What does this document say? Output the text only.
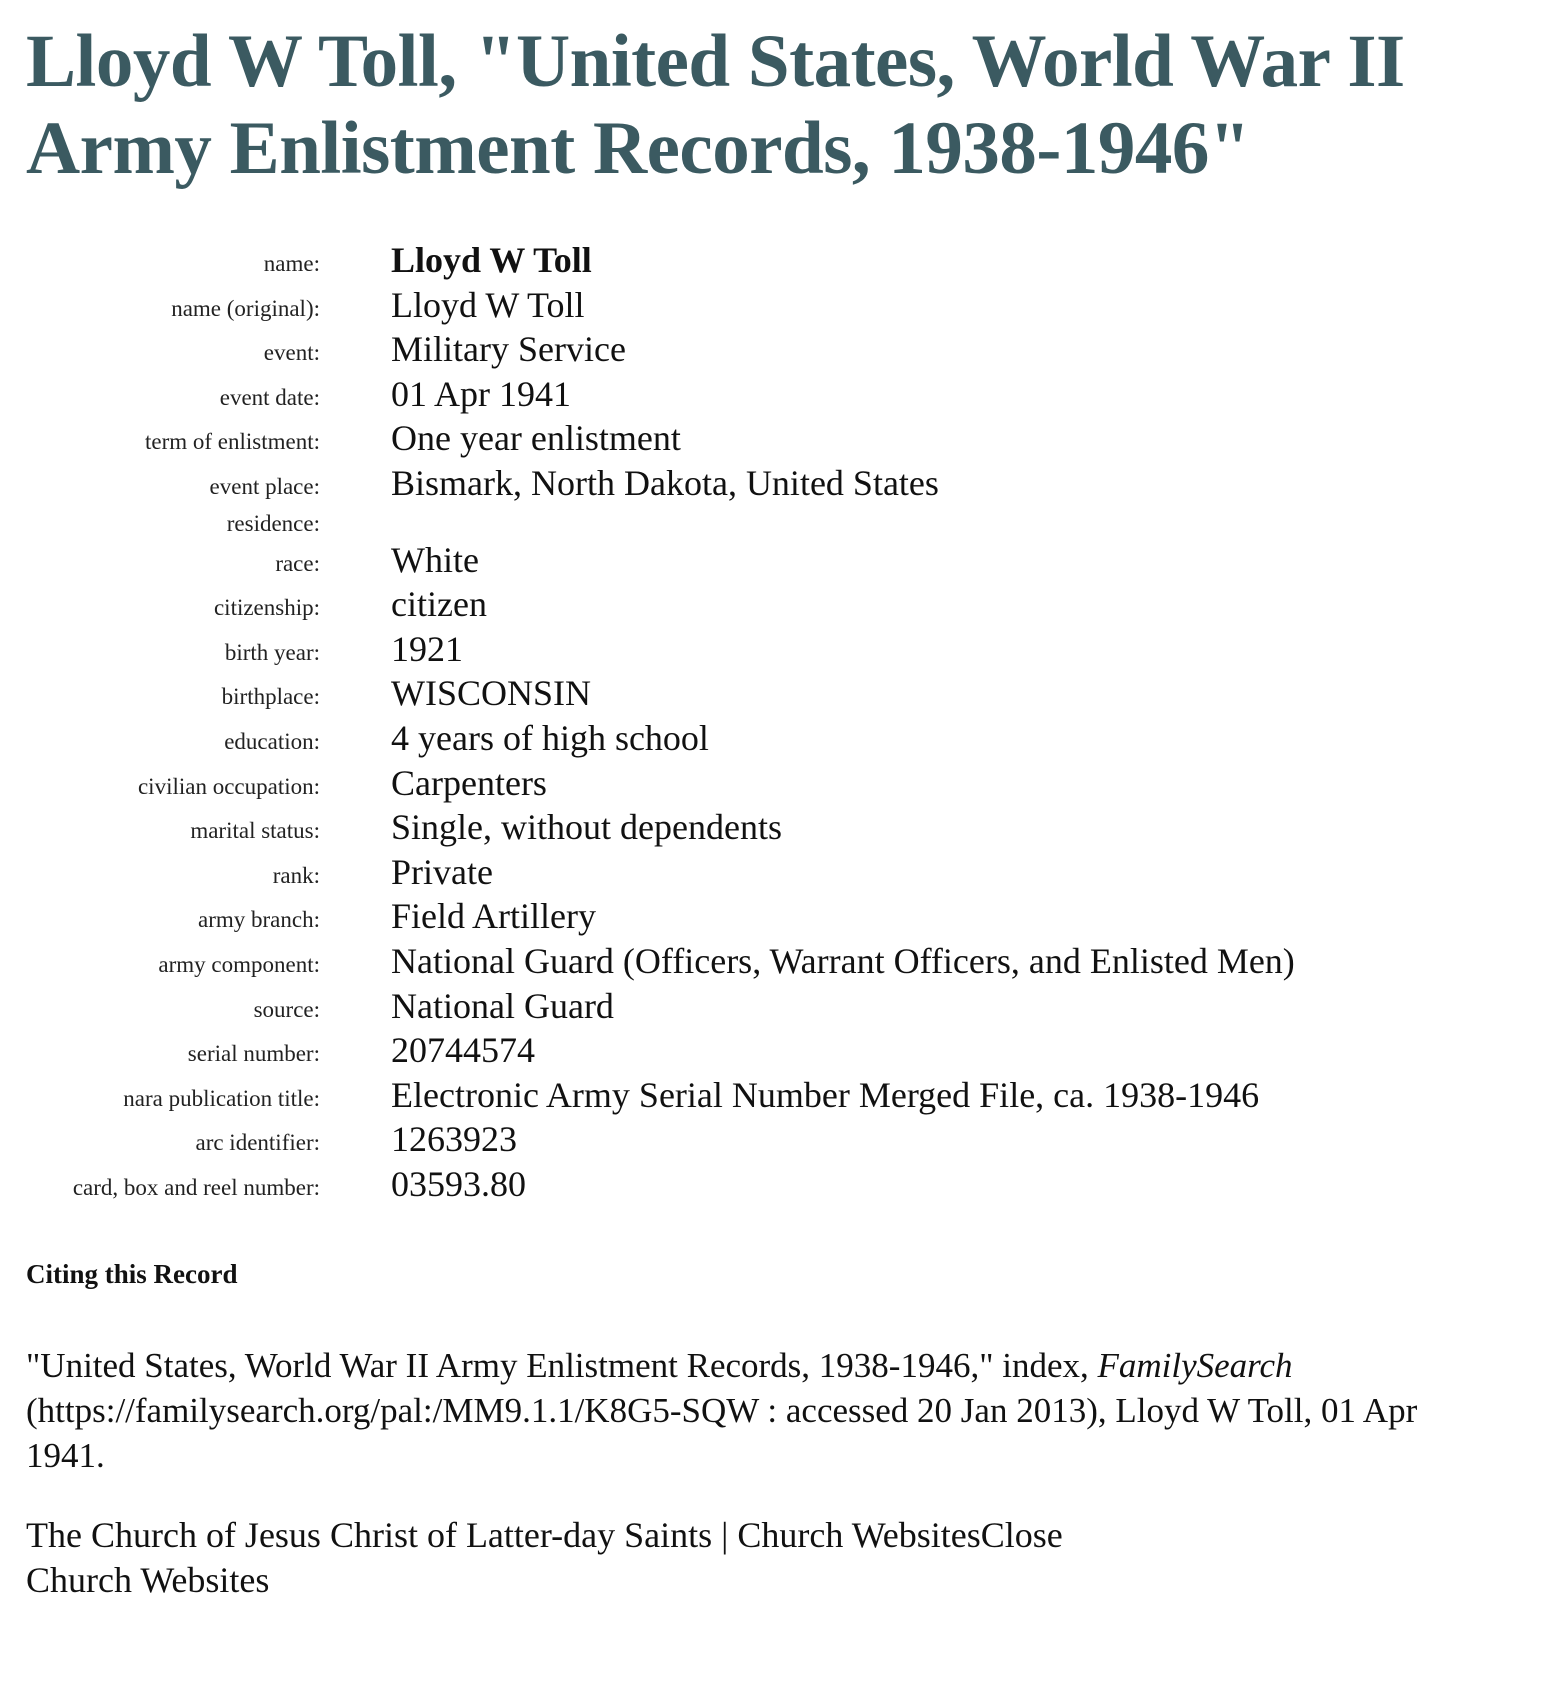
Lloyd W Toll, "United States, World War II Army Enlistment Records, 1938-1946"
name: Lloyd W Toll
name (original): Lloyd W Toll
event: Military Service
event date: 01 Apr 1941
term of enlistment: One year enlistment
event place: Bismark, North Dakota, United States
residence:
race: White
citizenship: citizen
birth year: 1921
birthplace: WISCONSIN
education: 4 years of high school
civilian occupation: Carpenters
marital status: Single, without dependents
rank: Private
army branch: Field Artillery
army component: National Guard (Officers, Warrant Officers, and Enlisted Men)
source: National Guard
serial number: 20744574
nara publication title: Electronic Army Serial Number Merged File, ca. 1938-1946
arc identifier: 1263923
card, box and reel number: 03593.80
Citing this Record

"United States, World War II Army Enlistment Records, 1938-1946," index, FamilySearch (https://familysearch.org/pal:/MM9.1.1/K8G5-SQW : accessed 20 Jan 2013), Lloyd W Toll, 01 Apr 1941.

The Church of Jesus Christ of Latter-day Saints | Church WebsitesClose
Church Websites
